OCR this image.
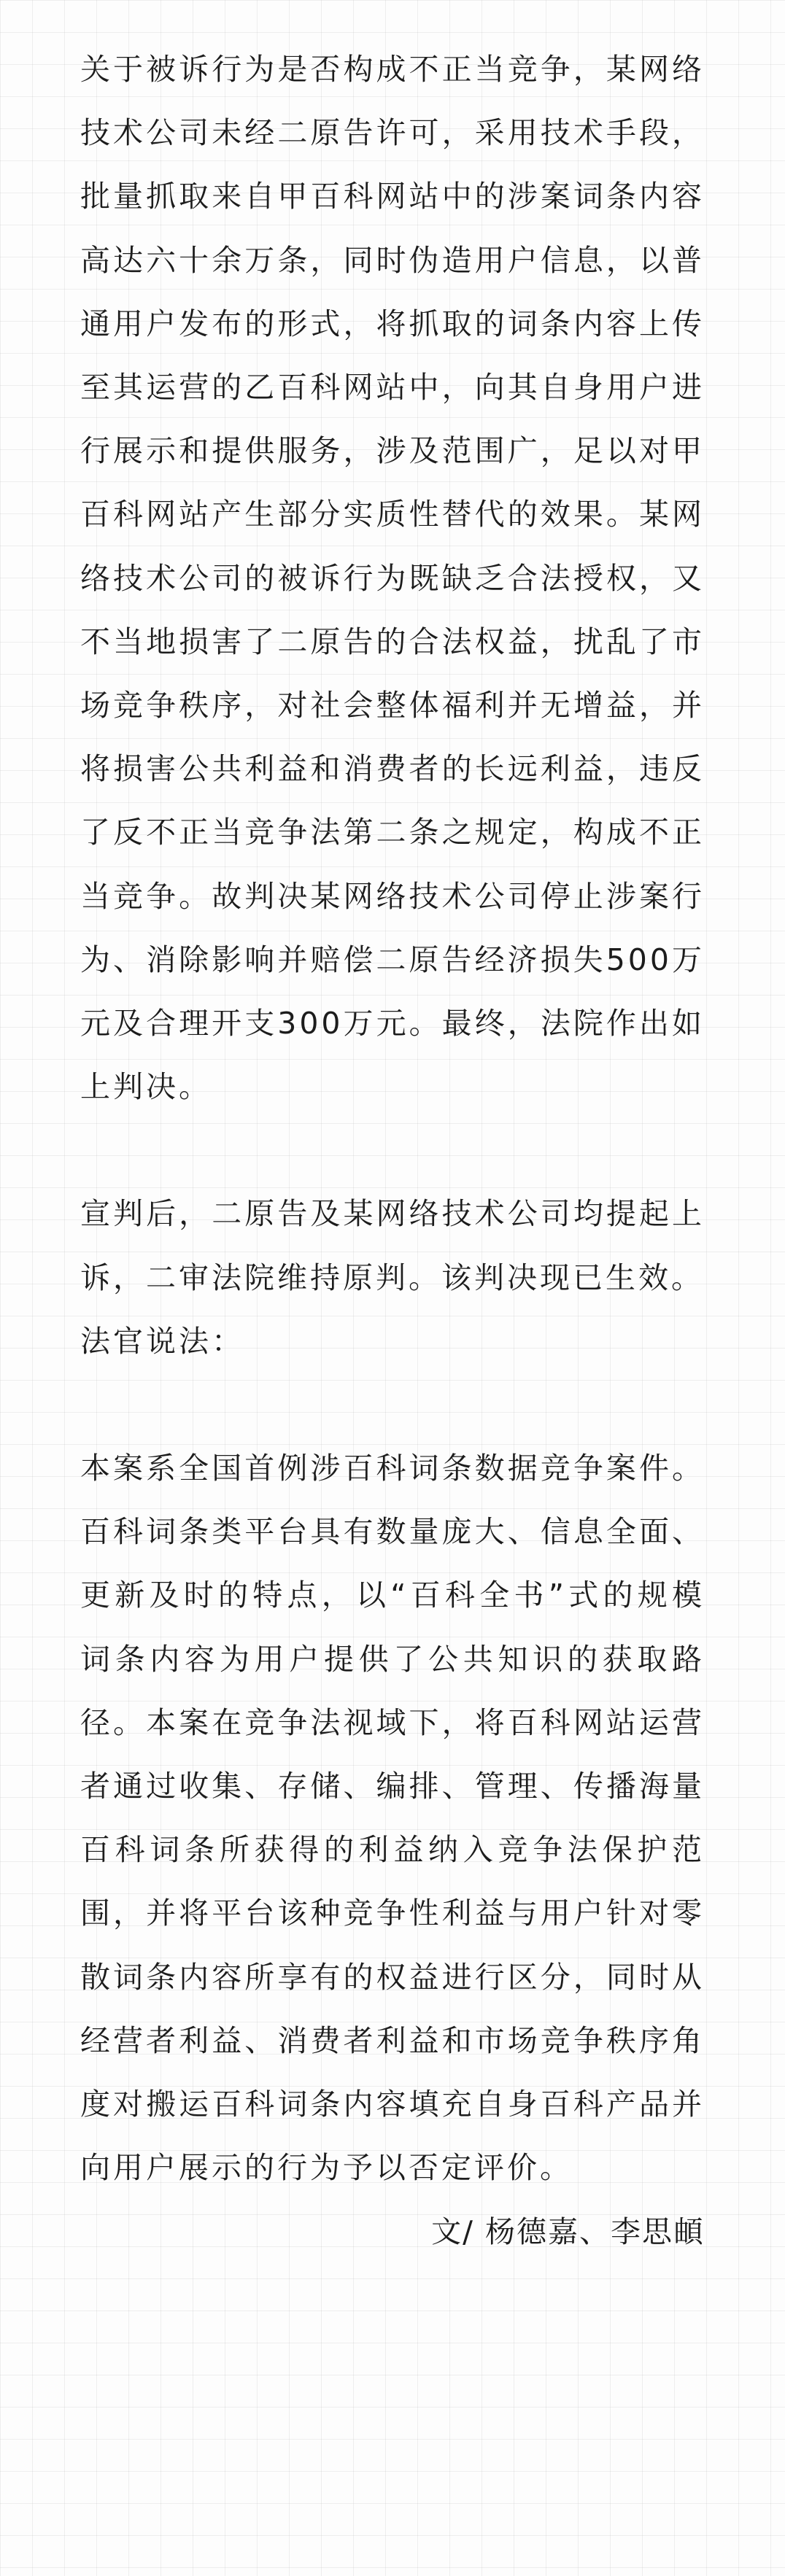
关于被诉行为是否构成不正当竞争，某网络技术公司未经二原告许可，采用技术手段，批量抓取来自甲百科网站中的涉案词条内容高达六十余万条，同时伪造用户信息，以普通用户发布的形式，将抓取的词条内容上传至其运营的乙百科网站中，向其自身用户进行展示和提供服务，涉及范围广，足以对甲百科网站产生部分实质性替代的效果。某网络技术公司的被诉行为既缺乏合法授权，又不当地损害了二原告的合法权益，扰乱了市场竞争秩序，对社会整体福利并无增益，并将损害公共利益和消费者的长远利益，违反了反不正当竞争法第二条之规定，构成不正当竞争。故判决某网络技术公司停止涉案行为、消除影响并赔偿二原告经济损失500万元及合理开支300万元。最终，法院作出如上判决。

宣判后，二原告及某网络技术公司均提起上诉，二审法院维持原判。该判决现已生效。

法官说法：

本案系全国首例涉百科词条数据竞争案件。百科词条类平台具有数量庞大、信息全面、更新及时的特点，以“百科全书”式的规模词条内容为用户提供了公共知识的获取路径。本案在竞争法视域下，将百科网站运营者通过收集、存储、编排、管理、传播海量百科词条所获得的利益纳入竞争法保护范围，并将平台该种竞争性利益与用户针对零散词条内容所享有的权益进行区分，同时从经营者利益、消费者利益和市场竞争秩序角度对搬运百科词条内容填充自身百科产品并向用户展示的行为予以否定评价。

文/ 杨德嘉、李思頔
